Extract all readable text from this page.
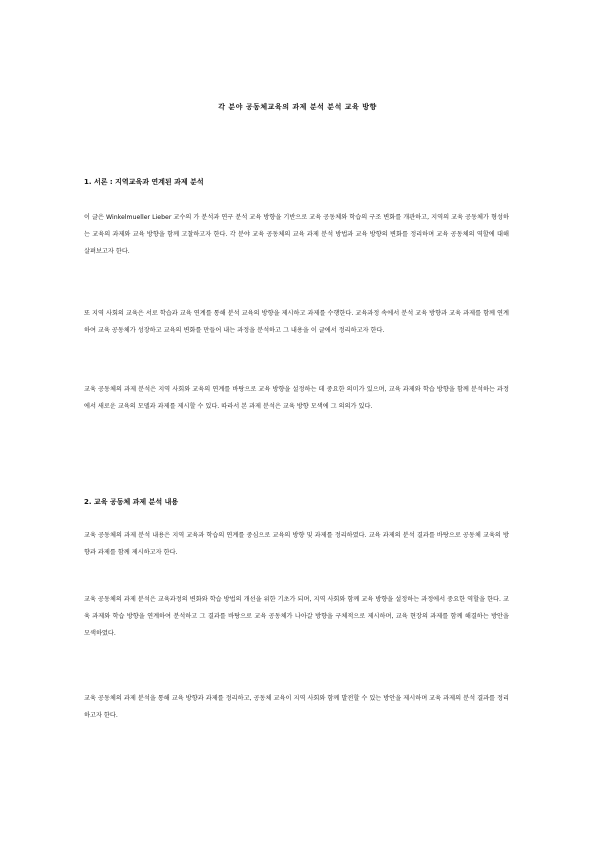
각 분야 공동체교육의 과제 분석 분석 교육 방향
1. 서론 : 지역교육과 연계된 과제 분석

이 글은 Winkelmueller Lieber 교수의 가 분석과 연구 분석 교육 방향을 기반으로 교육 공동체와 학습의 구조 변화를 개관하고, 지역의 교육 공동체가 형성하는 교육의 과제와 교육 방향을 함께 고찰하고자 한다. 각 분야 교육 공동체의 교육 과제 분석 방법과 교육 방향의 변화를 정리하며 교육 공동체의 역할에 대해 살펴보고자 한다.

또 지역 사회의 교육은 서로 학습과 교육 연계를 통해 분석 교육의 방향을 제시하고 과제를 수행한다. 교육과정 속에서 분석 교육 방향과 교육 과제를 함께 연계하여 교육 공동체가 성장하고 교육의 변화를 만들어 내는 과정을 분석하고 그 내용을 이 글에서 정리하고자 한다.

교육 공동체의 과제 분석은 지역 사회와 교육의 연계를 바탕으로 교육 방향을 설정하는 데 중요한 의미가 있으며, 교육 과제와 학습 방향을 함께 분석하는 과정에서 새로운 교육의 모델과 과제를 제시할 수 있다. 따라서 본 과제 분석은 교육 방향 모색에 그 의의가 있다.

2. 교육 공동체 과제 분석 내용

교육 공동체의 과제 분석 내용은 지역 교육과 학습의 연계를 중심으로 교육의 방향 및 과제를 정리하였다. 교육 과제의 분석 결과를 바탕으로 공동체 교육의 방향과 과제를 함께 제시하고자 한다.

교육 공동체의 과제 분석은 교육과정의 변화와 학습 방법의 개선을 위한 기초가 되며, 지역 사회와 함께 교육 방향을 설정하는 과정에서 중요한 역할을 한다. 교육 과제와 학습 방향을 연계하여 분석하고 그 결과를 바탕으로 교육 공동체가 나아갈 방향을 구체적으로 제시하며, 교육 현장의 과제를 함께 해결하는 방안을 모색하였다.

교육 공동체의 과제 분석을 통해 교육 방향과 과제를 정리하고, 공동체 교육이 지역 사회와 함께 발전할 수 있는 방안을 제시하며 교육 과제의 분석 결과를 정리하고자 한다.
